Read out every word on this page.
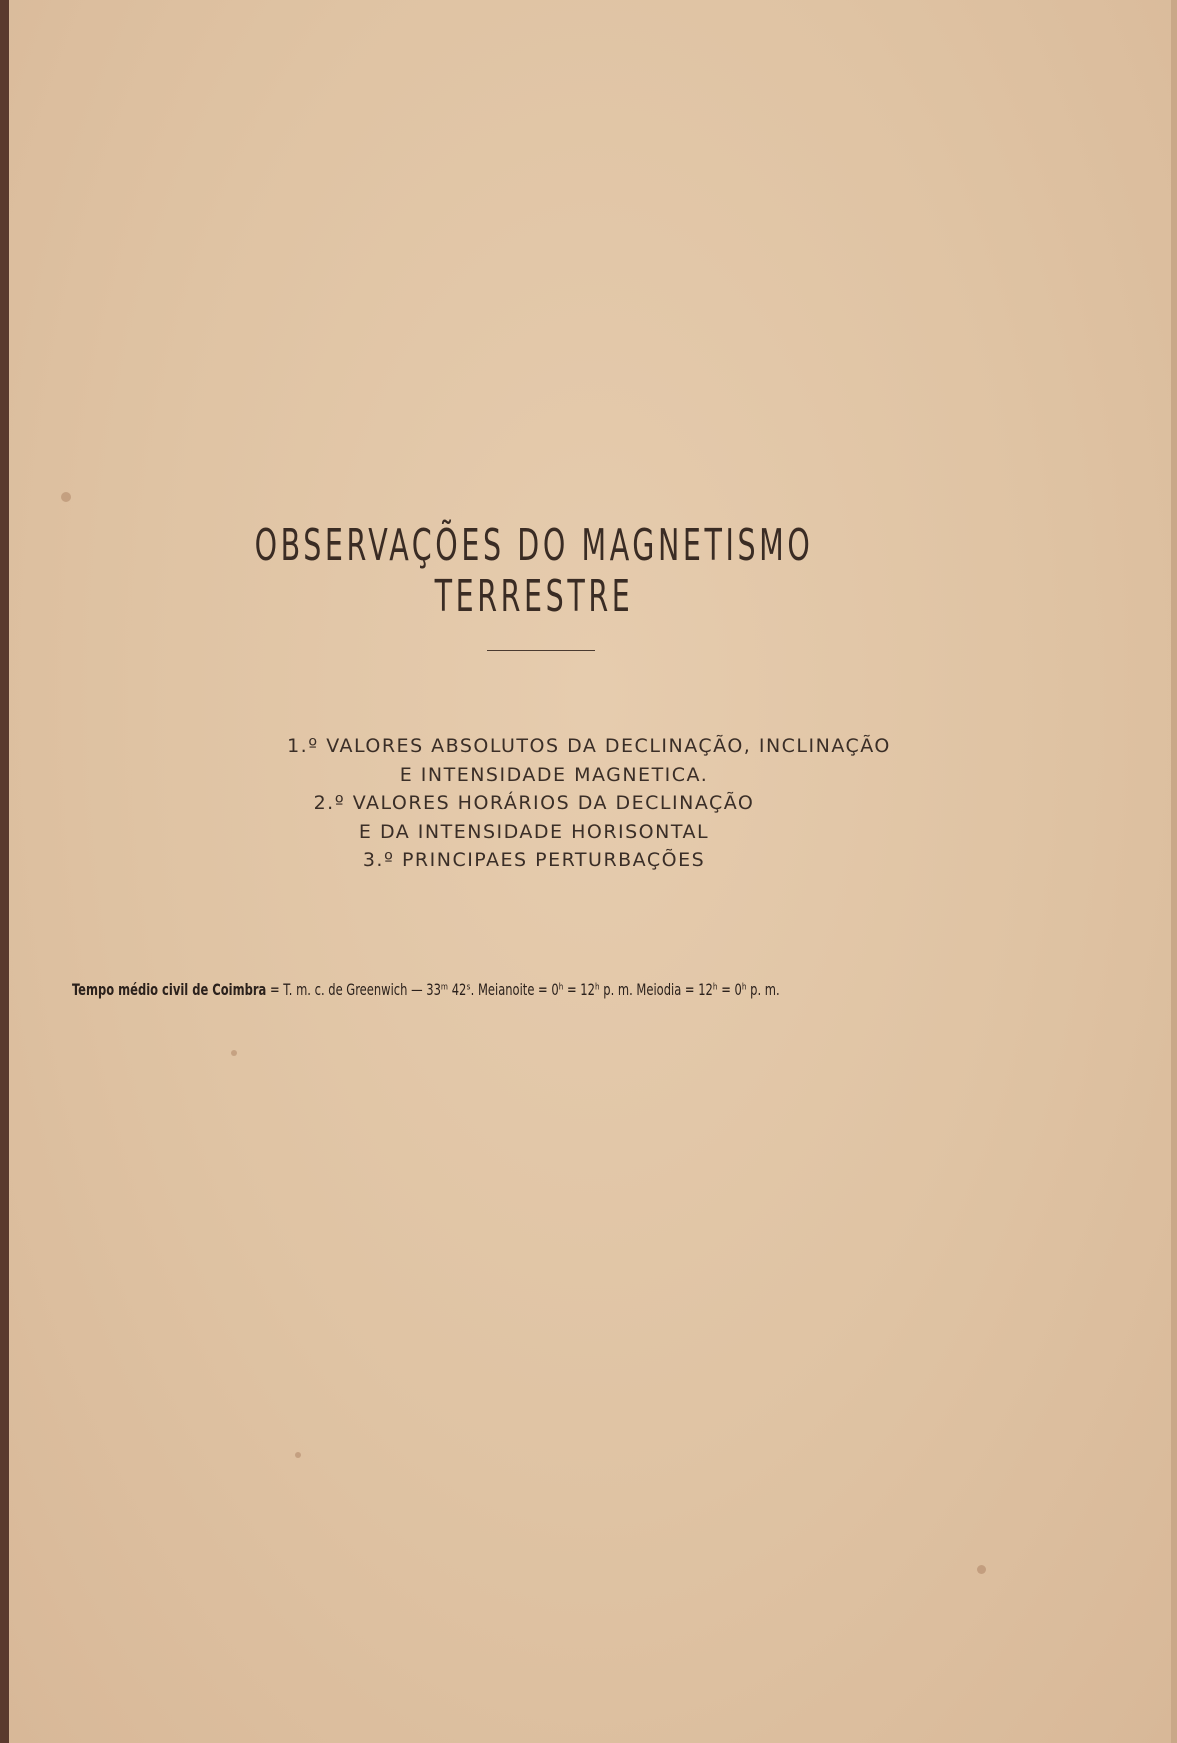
OBSERVAÇÕES DO MAGNETISMO TERRESTRE
1.º VALORES ABSOLUTOS DA DECLINAÇÃO, INCLINAÇÃO
E INTENSIDADE MAGNETICA.
2.º VALORES HORÁRIOS DA DECLINAÇÃO
E DA INTENSIDADE HORISONTAL
3.º PRINCIPAES PERTURBAÇÕES

Tempo médio civil de Coimbra = T. m. c. de Greenwich — 33ᵐ 42ˢ. Meianoite = 0ʰ = 12ʰ p. m. Meiodia = 12ʰ = 0ʰ p. m.
